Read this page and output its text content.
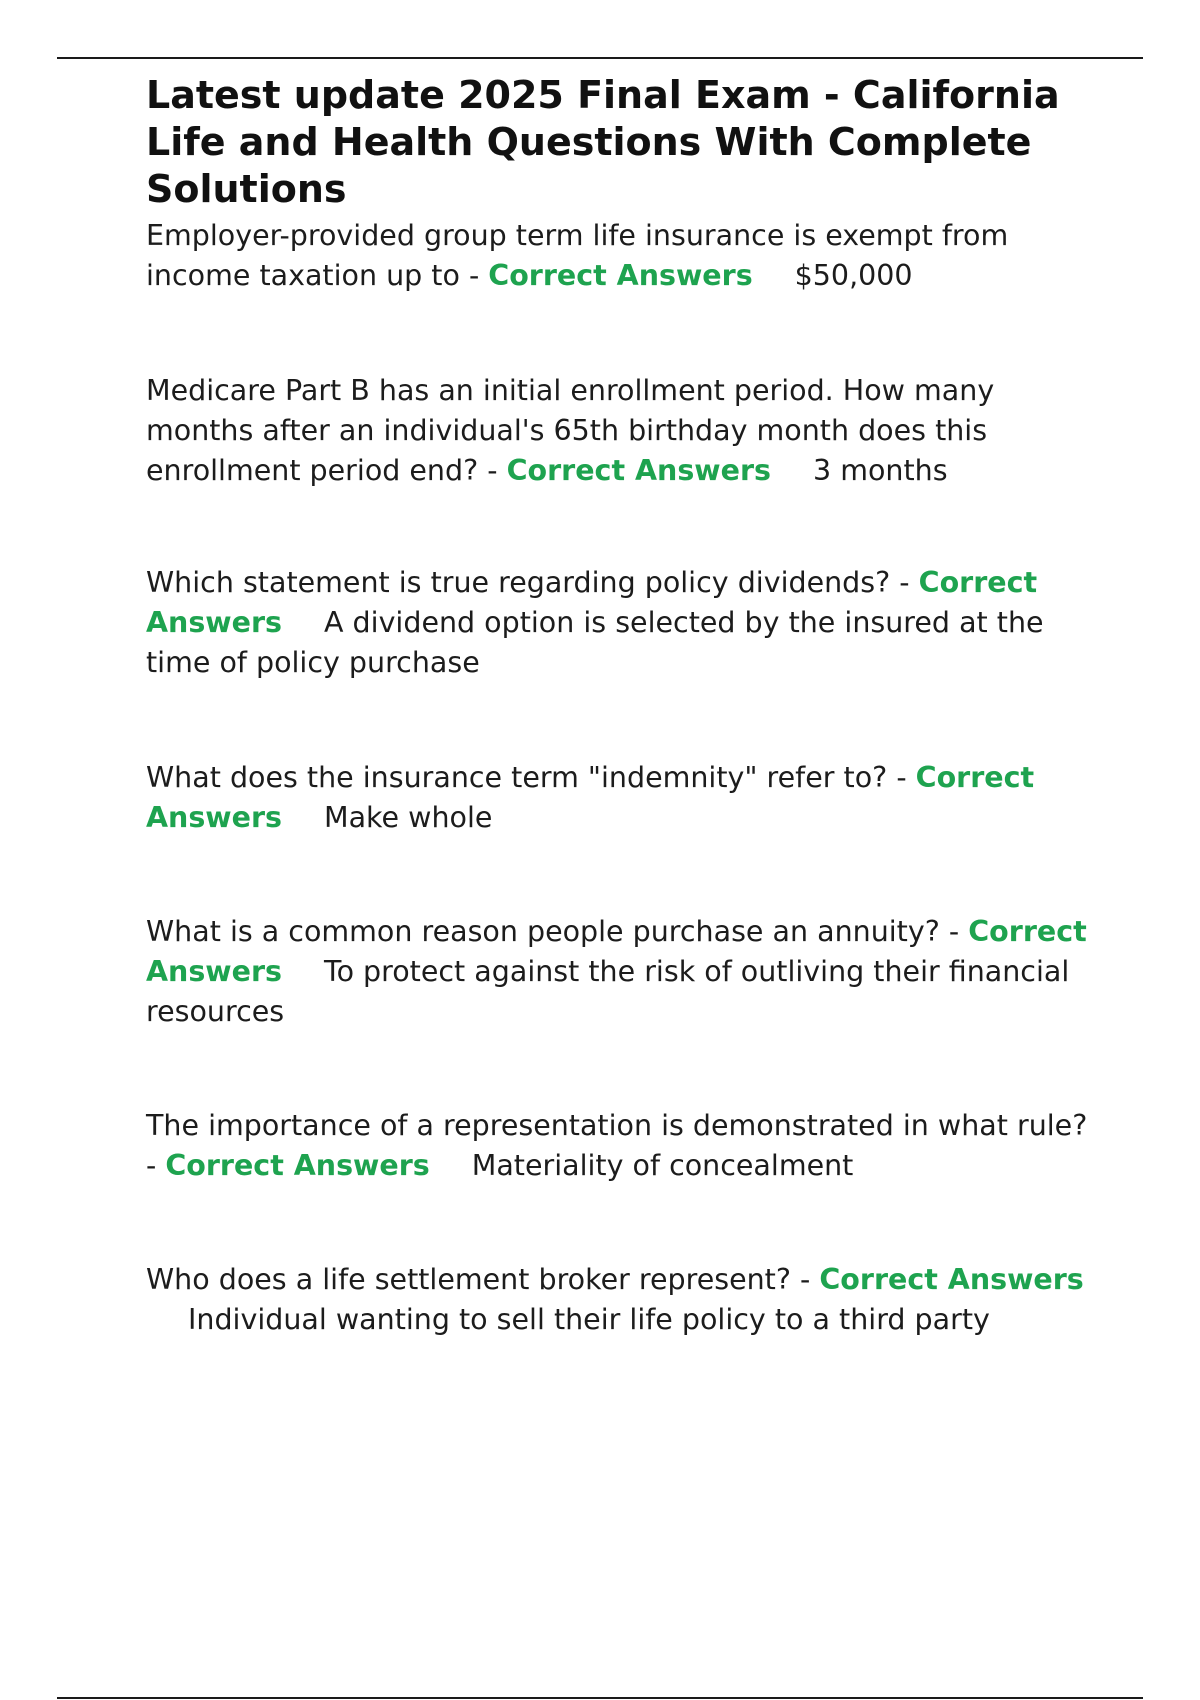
Latest update 2025 Final Exam - California Life and Health Questions With Complete Solutions

Employer-provided group term life insurance is exempt from income taxation up to - Correct Answers $50,000

Medicare Part B has an initial enrollment period. How many months after an individual's 65th birthday month does this enrollment period end? - Correct Answers 3 months

Which statement is true regarding policy dividends? - Correct Answers A dividend option is selected by the insured at the time of policy purchase

What does the insurance term "indemnity" refer to? - Correct Answers Make whole

What is a common reason people purchase an annuity? - Correct Answers To protect against the risk of outliving their financial resources

The importance of a representation is demonstrated in what rule? - Correct Answers Materiality of concealment

Who does a life settlement broker represent? - Correct AnswersIndividual wanting to sell their life policy to a third party
